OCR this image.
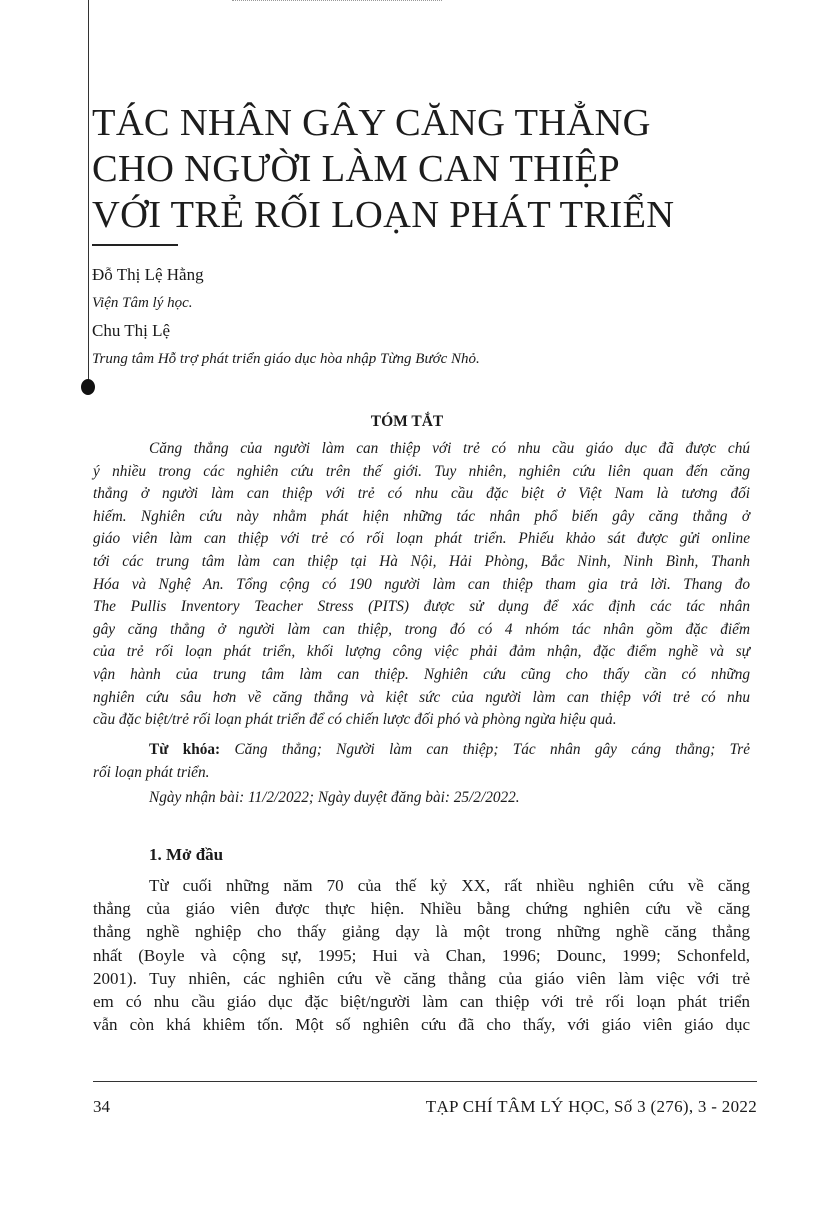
TÁC NHÂN GÂY CĂNG THẲNG
CHO NGƯỜI LÀM CAN THIỆP
VỚI TRẺ RỐI LOẠN PHÁT TRIỂN
Đỗ Thị Lệ Hằng
Viện Tâm lý học.
Chu Thị Lệ
Trung tâm Hỗ trợ phát triển giáo dục hòa nhập Từng Bước Nhỏ.
TÓM TẮT
Căng thẳng của người làm can thiệp với trẻ có nhu cầu giáo dục đã được chú
ý nhiều trong các nghiên cứu trên thế giới. Tuy nhiên, nghiên cứu liên quan đến căng
thẳng ở người làm can thiệp với trẻ có nhu cầu đặc biệt ở Việt Nam là tương đối
hiếm. Nghiên cứu này nhằm phát hiện những tác nhân phổ biến gây căng thẳng ở
giáo viên làm can thiệp với trẻ có rối loạn phát triển. Phiếu khảo sát được gửi online
tới các trung tâm làm can thiệp tại Hà Nội, Hải Phòng, Bắc Ninh, Ninh Bình, Thanh
Hóa và Nghệ An. Tổng cộng có 190 người làm can thiệp tham gia trả lời. Thang đo
The Pullis Inventory Teacher Stress (PITS) được sử dụng để xác định các tác nhân
gây căng thẳng ở người làm can thiệp, trong đó có 4 nhóm tác nhân gồm đặc điểm
của trẻ rối loạn phát triển, khối lượng công việc phải đảm nhận, đặc điểm nghề và sự
vận hành của trung tâm làm can thiệp. Nghiên cứu cũng cho thấy cần có những
nghiên cứu sâu hơn về căng thẳng và kiệt sức của người làm can thiệp với trẻ có nhu
cầu đặc biệt/trẻ rối loạn phát triển để có chiến lược đối phó và phòng ngừa hiệu quả.
Từ khóa: Căng thẳng; Người làm can thiệp; Tác nhân gây cáng thẳng; Trẻ
rối loạn phát triển.
Ngày nhận bài: 11/2/2022; Ngày duyệt đăng bài: 25/2/2022.
1. Mở đầu
Từ cuối những năm 70 của thế kỷ XX, rất nhiều nghiên cứu về căng
thẳng của giáo viên được thực hiện. Nhiều bằng chứng nghiên cứu về căng
thẳng nghề nghiệp cho thấy giảng dạy là một trong những nghề căng thẳng
nhất (Boyle và cộng sự, 1995; Hui và Chan, 1996; Dounc, 1999; Schonfeld,
2001). Tuy nhiên, các nghiên cứu về căng thẳng của giáo viên làm việc với trẻ
em có nhu cầu giáo dục đặc biệt/người làm can thiệp với trẻ rối loạn phát triển
vẫn còn khá khiêm tốn. Một số nghiên cứu đã cho thấy, với giáo viên giáo dục
34	TẠP CHÍ TÂM LÝ HỌC, Số 3 (276), 3 - 2022
